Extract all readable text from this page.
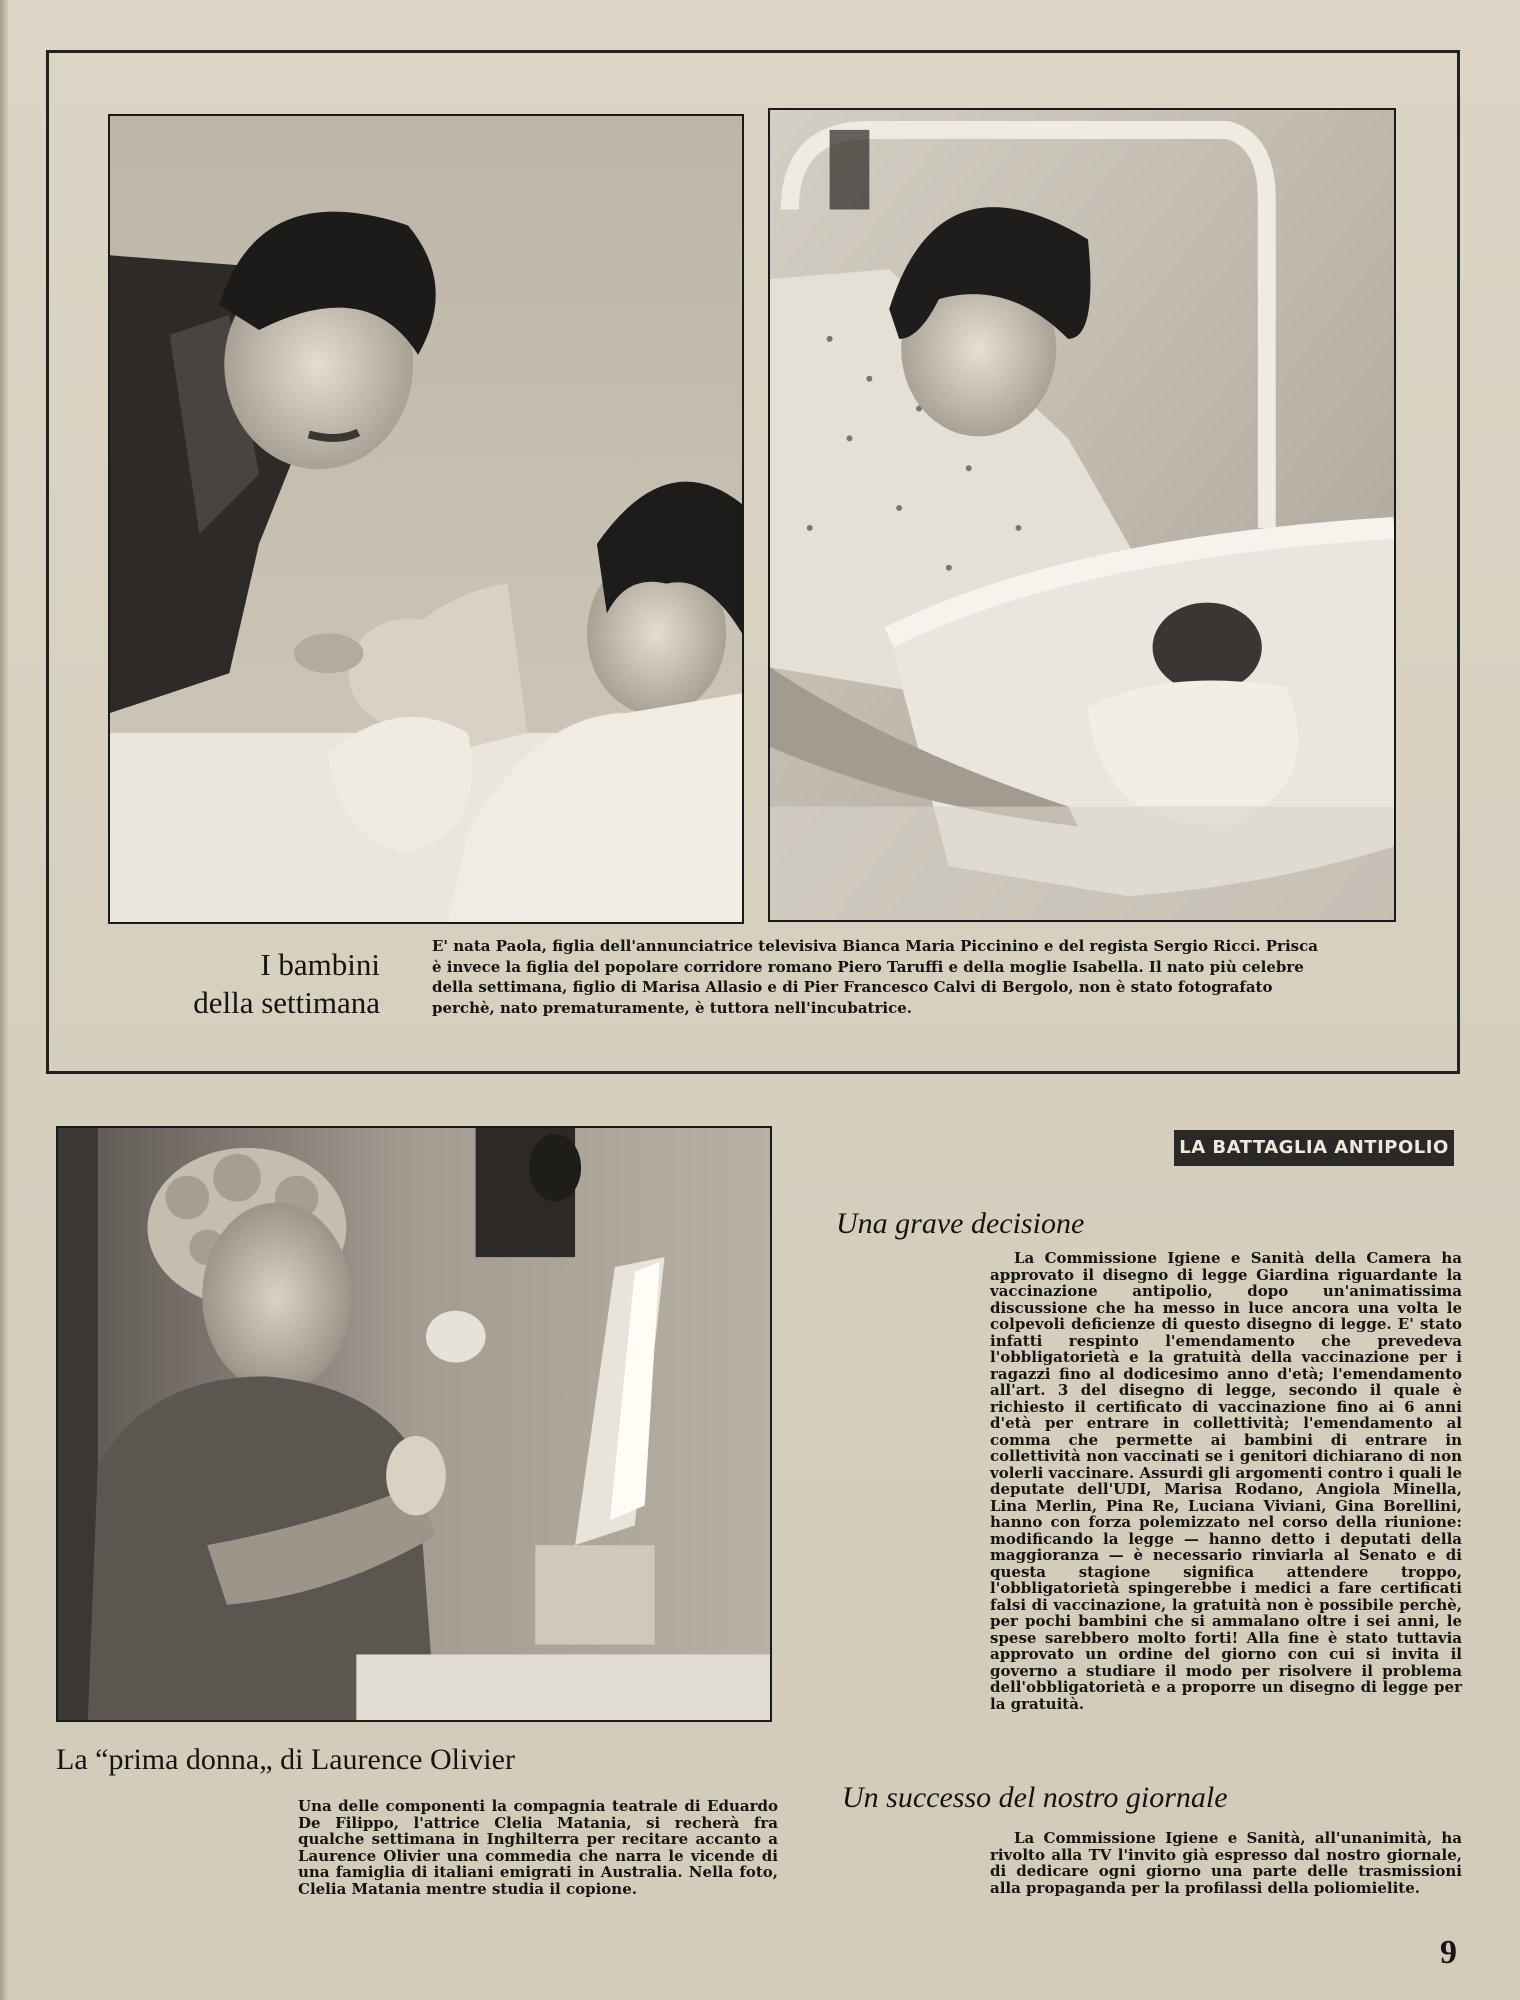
I bambini
della settimana
E' nata Paola, figlia dell'annunciatrice televisiva Bianca Maria Piccinino e del regista Sergio Ricci. Prisca è invece la figlia del popolare corridore romano Piero Taruffi e della moglie Isabella. Il nato più celebre della settimana, figlio di Marisa Allasio e di Pier Francesco Calvi di Bergolo, non è stato fotografato perchè, nato prematuramente, è tuttora nell'incubatrice.
La “prima donna„ di Laurence Olivier
Una delle componenti la compagnia teatrale di Eduardo De Filippo, l'attrice Clelia Matania, si recherà fra qualche settimana in Inghilterra per recitare accanto a Laurence Olivier una commedia che narra le vicende di una famiglia di italiani emigrati in Australia. Nella foto, Clelia Matania mentre studia il copione.
LA BATTAGLIA ANTIPOLIO
Una grave decisione
La Commissione Igiene e Sanità della Camera ha approvato il disegno di legge Giardina riguardante la vaccinazione antipolio, dopo un'animatissima discussione che ha messo in luce ancora una volta le colpevoli deficienze di questo disegno di legge. E' stato infatti respinto l'emendamento che prevedeva l'obbligatorietà e la gratuità della vaccinazione per i ragazzi fino al dodicesimo anno d'età; l'emendamento all'art. 3 del disegno di legge, secondo il quale è richiesto il certificato di vaccinazione fino ai 6 anni d'età per entrare in collettività; l'emendamento al comma che permette ai bambini di entrare in collettività non vaccinati se i genitori dichiarano di non volerli vaccinare. Assurdi gli argomenti contro i quali le deputate dell'UDI, Marisa Rodano, Angiola Minella, Lina Merlin, Pina Re, Luciana Viviani, Gina Borellini, hanno con forza polemizzato nel corso della riunione: modificando la legge — hanno detto i deputati della maggioranza — è necessario rinviarla al Senato e di questa stagione significa attendere troppo, l'obbligatorietà spingerebbe i medici a fare certificati falsi di vaccinazione, la gratuità non è possibile perchè, per pochi bambini che si ammalano oltre i sei anni, le spese sarebbero molto forti! Alla fine è stato tuttavia approvato un ordine del giorno con cui si invita il governo a studiare il modo per risolvere il problema dell'obbligatorietà e a proporre un disegno di legge per la gratuità.
Un successo del nostro giornale
La Commissione Igiene e Sanità, all'unanimità, ha rivolto alla TV l'invito già espresso dal nostro giornale, di dedicare ogni giorno una parte delle trasmissioni alla propaganda per la profilassi della poliomielite.
9
